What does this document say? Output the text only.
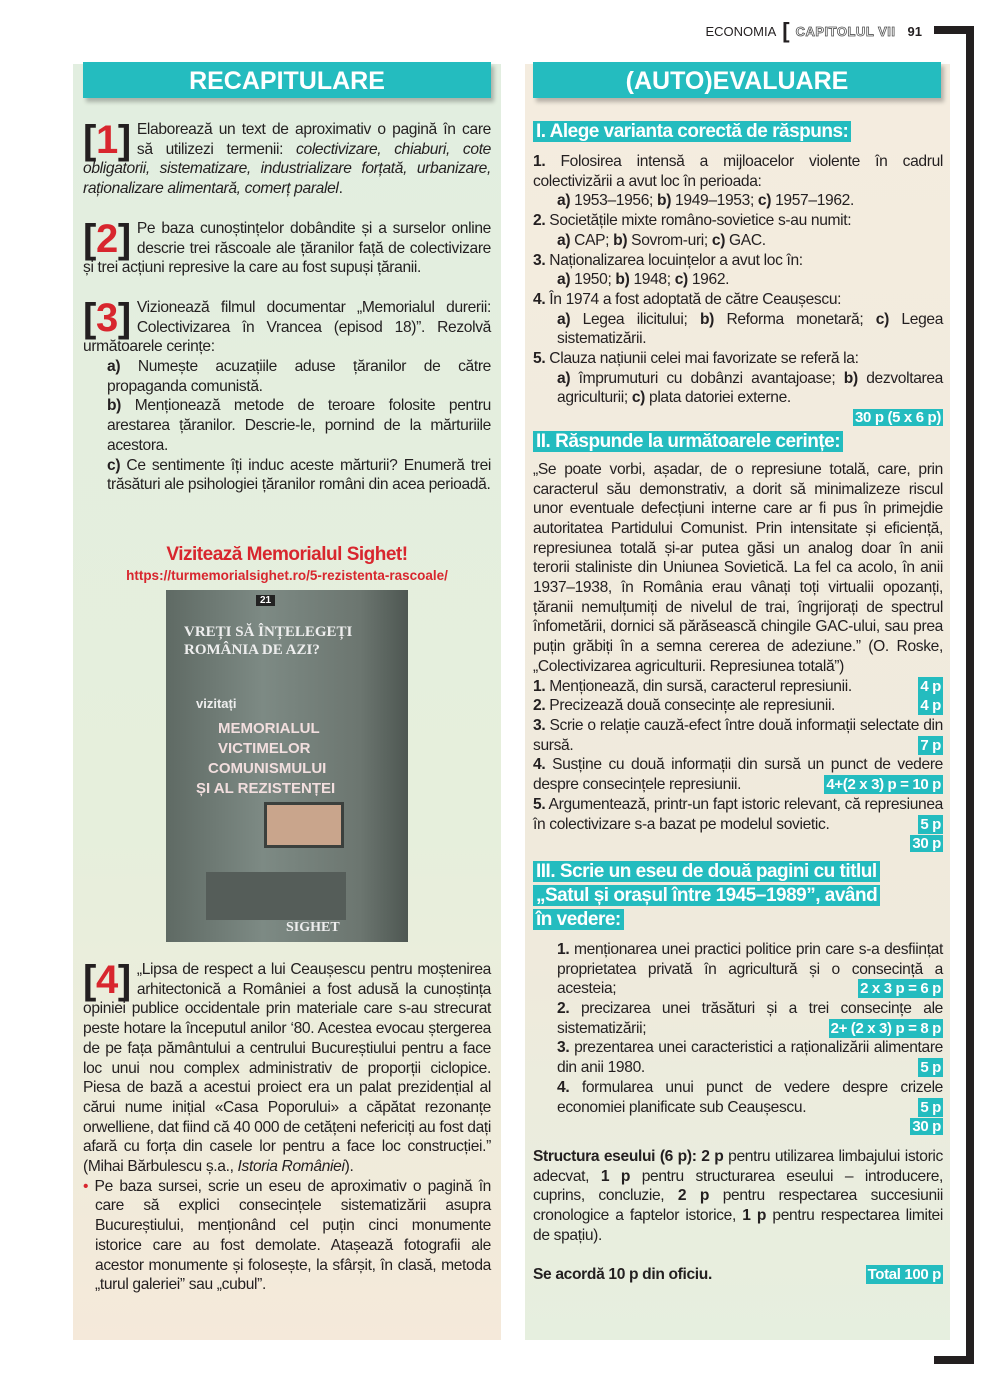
ECONOMIA [ CAPITOLUL VII 91
RECAPITULARE

[1] Elaborează un text de aproximativ o pagină în care să utilizezi termenii: colectivizare, chiaburi, cote obligatorii, sistematizare, industrializare forțată, urbanizare, raționalizare alimentară, comerț paralel.

[2] Pe baza cunoștințelor dobândite și a surselor online descrie trei răscoale ale țăranilor față de colectivizare și trei acțiuni represive la care au fost supuși țăranii.

[3] Vizionează filmul documentar „Memorialul durerii: Colectivizarea în Vrancea (episod 18)”. Rezolvă următoarele cerințe:

a) Numește acuzațiile aduse țăranilor de către propaganda comunistă.

b) Menționează metode de teroare folosite pentru arestarea țăranilor. Descrie-le, pornind de la mărturiile acestora.

c) Ce sentimente îți induc aceste mărturii? Enumeră trei trăsături ale psihologiei țăranilor români din acea perioadă.

Vizitează Memorialul Sighet!
https://turmemorialsighet.ro/5-rezistenta-rascoale/
21
VREȚI SĂ ÎNȚELEGEȚI
ROMÂNIA DE AZI?
vizitați
MEMORIALUL
VICTIMELOR
COMUNISMULUI
ȘI AL REZISTENȚEI
SIGHET

[4] „Lipsa de respect a lui Ceaușescu pentru moștenirea arhitectonică a României a fost adusă la cunoștința opiniei publice occidentale prin materiale care s-au strecurat peste hotare la începutul anilor ‘80. Acestea evocau ștergerea de pe fața pământului a centrului Bucureștiului pentru a face loc unui nou complex administrativ de proporții ciclopice. Piesa de bază a acestui proiect era un palat prezidențial al cărui nume inițial «Casa Poporului» a căpătat rezonanțe orwelliene, dat fiind că 40 000 de cetățeni nefericiți au fost dați afară cu forța din casele lor pentru a face loc construcției.” (Mihai Bărbulescu ș.a., Istoria României).

• Pe baza sursei, scrie un eseu de aproximativ o pagină în care să explici consecințele sistematizării asupra Bucureștiului, menționând cel puțin cinci monumente istorice care au fost demolate. Atașează fotografii ale acestor monumente și folosește, la sfârșit, în clasă, metoda „turul galeriei” sau „cubul”.

(AUTO)EVALUARE
I. Alege varianta corectă de răspuns:

1. Folosirea intensă a mijloacelor violente în cadrul colectivizării a avut loc în perioada:

a) 1953–1956; b) 1949–1953; c) 1957–1962.

2. Societățile mixte româno-sovietice s-au numit:

a) CAP; b) Sovrom-uri; c) GAC.

3. Naționalizarea locuințelor a avut loc în:

a) 1950; b) 1948; c) 1962.

4. În 1974 a fost adoptată de către Ceaușescu:

a) Legea ilicitului; b) Reforma monetară; c) Legea sistematizării.

5. Clauza națiunii celei mai favorizate se referă la:

a) împrumuturi cu dobânzi avantajoase; b) dezvoltarea agriculturii; c) plata datoriei externe.

30 p (5 x 6 p)
II. Răspunde la următoarele cerințe:

„Se poate vorbi, așadar, de o represiune totală, care, prin caracterul său demonstrativ, a dorit să minimalizeze riscul unor eventuale defecțiuni interne care ar fi pus în primejdie autoritatea Partidului Comunist. Prin intensitate și eficiență, represiunea totală și-ar putea găsi un analog doar în anii terorii staliniste din Uniunea Sovietică. La fel ca acolo, în anii 1937–1938, în România erau vânați toți virtualii opozanți, țăranii nemulțumiți de nivelul de trai, îngrijorați de spectrul înfometării, dornici să părăsească chingile GAC-ului, sau prea puțin grăbiți în a semna cererea de adeziune.” (O. Roske, „Colectivizarea agriculturii. Represiunea totală”)

1. Menționează, din sursă, caracterul represiunii.	4 p

2. Precizează două consecințe ale represiunii.	4 p

3. Scrie o relație cauză-efect între două informații selectate din sursă.	7 p

4. Susține cu două informații din sursă un punct de vedere despre consecințele represiunii.	4+(2 x 3) p = 10 p

5. Argumentează, printr-un fapt istoric relevant, că represiunea în colectivizare s-a bazat pe modelul sovietic.	5 p

30 p
III. Scrie un eseu de două pagini cu titlul „Satul și orașul între 1945–1989”, având în vedere:

1. menționarea unei practici politice prin care s-a desființat proprietatea privată în agricultură și o consecință a acesteia;	2 x 3 p = 6 p

2. precizarea unei trăsături și a trei consecințe ale sistematizării;	2+ (2 x 3) p = 8 p

3. prezentarea unei caracteristici a raționalizării alimentare din anii 1980.	5 p

4. formularea unui punct de vedere despre crizele economiei planificate sub Ceaușescu.	5 p

30 p

Structura eseului (6 p): 2 p pentru utilizarea limbajului istoric adecvat, 1 p pentru structurarea eseului – introducere, cuprins, concluzie, 2 p pentru respectarea succesiunii cronologice a faptelor istorice, 1 p pentru respectarea limitei de spațiu).

Se acordă 10 p din oficiu.	Total 100 p
